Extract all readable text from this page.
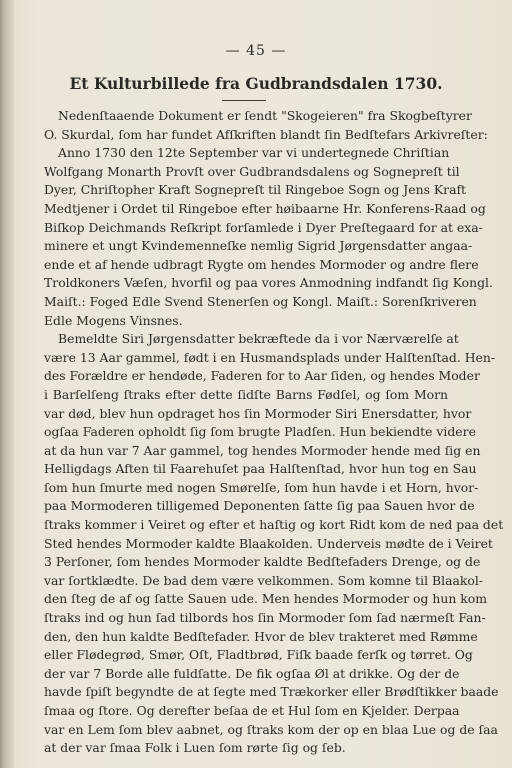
— 45 —
Et Kulturbillede fra Gudbrandsdalen 1730.
Nedenſtaaende Dokument er ſendt "Skogeieren" fra Skogbeſtyrer
O. Skurdal, ſom har fundet Afſkriften blandt ſin Bedſtefars Arkivreſter:
Anno 1730 den 12te September var vi undertegnede Chriſtian
Wolfgang Monarth Provſt over Gudbrandsdalens og Sognepreſt til
Dyer, Chriſtopher Kraft Sognepreſt til Ringeboe Sogn og Jens Kraft
Medtjener i Ordet til Ringeboe efter høibaarne Hr. Konferens-Raad og
Biſkop Deichmands Reſkript forſamlede i Dyer Preſtegaard for at exa-
minere et ungt Kvindemenneſke nemlig Sigrid Jørgensdatter angaa-
ende et af hende udbragt Rygte om hendes Mormoder og andre flere
Troldkoners Væſen, hvorfil og paa vores Anmodning indfandt ſig Kongl.
Maiſt.: Foged Edle Svend Stenerſen og Kongl. Maiſt.: Sorenſkriveren
Edle Mogens Vinsnes.
Bemeldte Siri Jørgensdatter bekræftede da i vor Nærværelſe at
være 13 Aar gammel, født i en Husmandsplads under Halſtenſtad. Hen-
des Forældre er hendøde, Faderen for to Aar ſiden, og hendes Moder
i Barſelſeng ſtraks efter dette ſidſte Barns Fødſel, og ſom Morn
var død, blev hun opdraget hos ſin Mormoder Siri Enersdatter, hvor
ogſaa Faderen opholdt ſig ſom brugte Pladſen. Hun bekiendte videre
at da hun var 7 Aar gammel, tog hendes Mormoder hende med ſig en
Helligdags Aften til Faarehuſet paa Halſtenſtad, hvor hun tog en Sau
ſom hun ſmurte med nogen Smørelſe, ſom hun havde i et Horn, hvor-
paa Mormoderen tilligemed Deponenten ſatte ſig paa Sauen hvor de
ſtraks kommer i Veiret og efter et haſtig og kort Ridt kom de ned paa det
Sted hendes Mormoder kaldte Blaakolden. Underveis mødte de i Veiret
3 Perſoner, ſom hendes Mormoder kaldte Bedſtefaders Drenge, og de
var ſortklædte. De bad dem være velkommen. Som komne til Blaakol-
den ſteg de af og ſatte Sauen ude. Men hendes Mormoder og hun kom
ſtraks ind og hun ſad tilbords hos ſin Mormoder ſom ſad nærmeſt Fan-
den, den hun kaldte Bedſtefader. Hvor de blev trakteret med Rømme
eller Flødegrød, Smør, Oſt, Fladtbrød, Fiſk baade ferſk og tørret. Og
der var 7 Borde alle fuldſatte. De fik ogſaa Øl at drikke. Og der de
havde ſpiſt begyndte de at ſegte med Trækorker eller Brødſtikker baade
ſmaa og ſtore. Og derefter beſaa de et Hul ſom en Kjelder. Derpaa
var en Lem ſom blev aabnet, og ſtraks kom der op en blaa Lue og de ſaa
at der var ſmaa Folk i Luen ſom rørte ſig og ſeb.
